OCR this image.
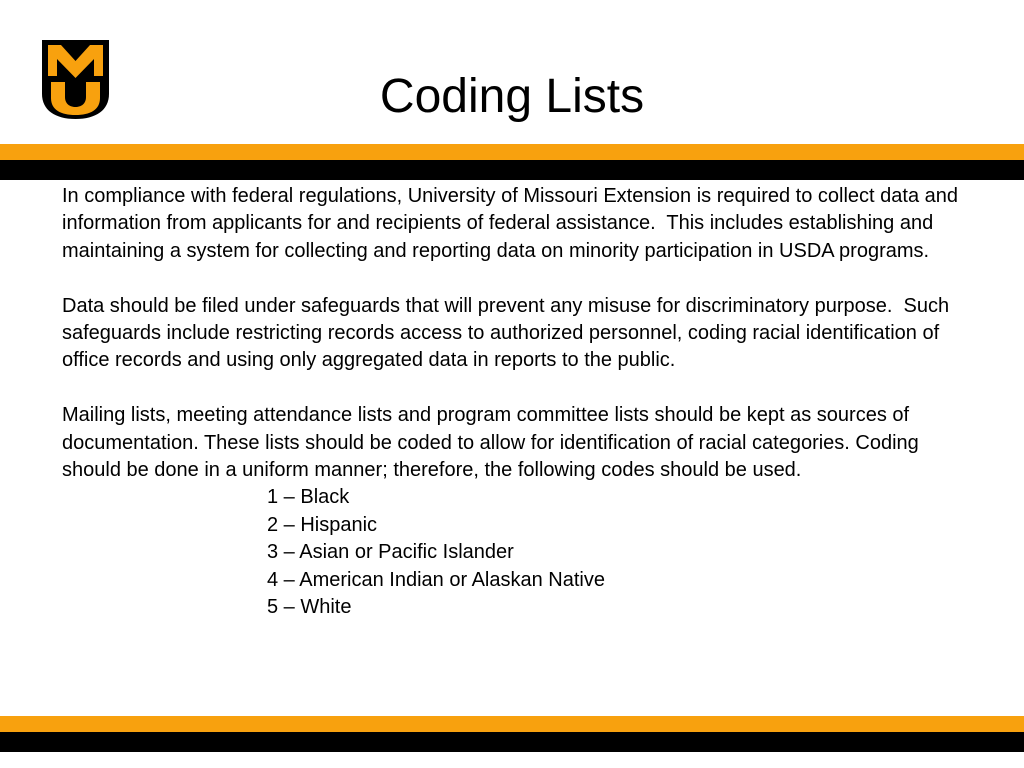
Coding Lists

In compliance with federal regulations, University of Missouri Extension is required to collect data and information from applicants for and recipients of federal assistance.  This includes establishing and maintaining a system for collecting and reporting data on minority participation in USDA programs.

Data should be filed under safeguards that will prevent any misuse for discriminatory purpose.  Such safeguards include restricting records access to authorized personnel, coding racial identification of office records and using only aggregated data in reports to the public.

Mailing lists, meeting attendance lists and program committee lists should be kept as sources of documentation. These lists should be coded to allow for identification of racial categories. Coding should be done in a uniform manner; therefore, the following codes should be used.

1 – Black
2 – Hispanic
3 – Asian or Pacific Islander
4 – American Indian or Alaskan Native
5 – White
